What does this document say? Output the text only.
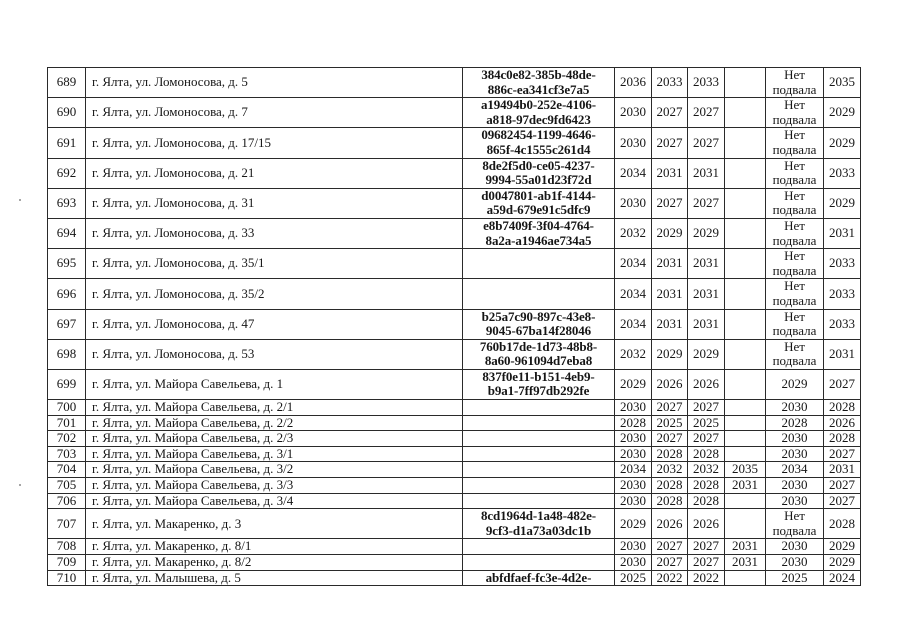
689	г. Ялта, ул. Ломоносова, д. 5	384c0e82-385b-48de-
886c-ea341cf3e7a5	2036	2033	2033		Нет подвала	2035
690	г. Ялта, ул. Ломоносова, д. 7	a19494b0-252e-4106-
a818-97dec9fd6423	2030	2027	2027		Нет подвала	2029
691	г. Ялта, ул. Ломоносова, д. 17/15	09682454-1199-4646-
865f-4c1555c261d4	2030	2027	2027		Нет подвала	2029
692	г. Ялта, ул. Ломоносова, д. 21	8de2f5d0-ce05-4237-
9994-55a01d23f72d	2034	2031	2031		Нет подвала	2033
693	г. Ялта, ул. Ломоносова, д. 31	d0047801-ab1f-4144-
a59d-679e91c5dfc9	2030	2027	2027		Нет подвала	2029
694	г. Ялта, ул. Ломоносова, д. 33	e8b7409f-3f04-4764-
8a2a-a1946ae734a5	2032	2029	2029		Нет подвала	2031
695	г. Ялта, ул. Ломоносова, д. 35/1		2034	2031	2031		Нет подвала	2033
696	г. Ялта, ул. Ломоносова, д. 35/2		2034	2031	2031		Нет подвала	2033
697	г. Ялта, ул. Ломоносова, д. 47	b25a7c90-897c-43e8-
9045-67ba14f28046	2034	2031	2031		Нет подвала	2033
698	г. Ялта, ул. Ломоносова, д. 53	760b17de-1d73-48b8-
8a60-961094d7eba8	2032	2029	2029		Нет подвала	2031
699	г. Ялта, ул. Майора Савельева, д. 1	837f0e11-b151-4eb9-
b9a1-7ff97db292fe	2029	2026	2026		2029	2027
700	г. Ялта, ул. Майора Савельева, д. 2/1		2030	2027	2027		2030	2028
701	г. Ялта, ул. Майора Савельева, д. 2/2		2028	2025	2025		2028	2026
702	г. Ялта, ул. Майора Савельева, д. 2/3		2030	2027	2027		2030	2028
703	г. Ялта, ул. Майора Савельева, д. 3/1		2030	2028	2028		2030	2027
704	г. Ялта, ул. Майора Савельева, д. 3/2		2034	2032	2032	2035	2034	2031
705	г. Ялта, ул. Майора Савельева, д. 3/3		2030	2028	2028	2031	2030	2027
706	г. Ялта, ул. Майора Савельева, д. 3/4		2030	2028	2028		2030	2027
707	г. Ялта, ул. Макаренко, д. 3	8cd1964d-1a48-482e-
9cf3-d1a73a03dc1b	2029	2026	2026		Нет подвала	2028
708	г. Ялта, ул. Макаренко, д. 8/1		2030	2027	2027	2031	2030	2029
709	г. Ялта, ул. Макаренко, д. 8/2		2030	2027	2027	2031	2030	2029
710	г. Ялта, ул. Малышева, д. 5	abfdfaef-fc3e-4d2e-	2025	2022	2022		2025	2024
